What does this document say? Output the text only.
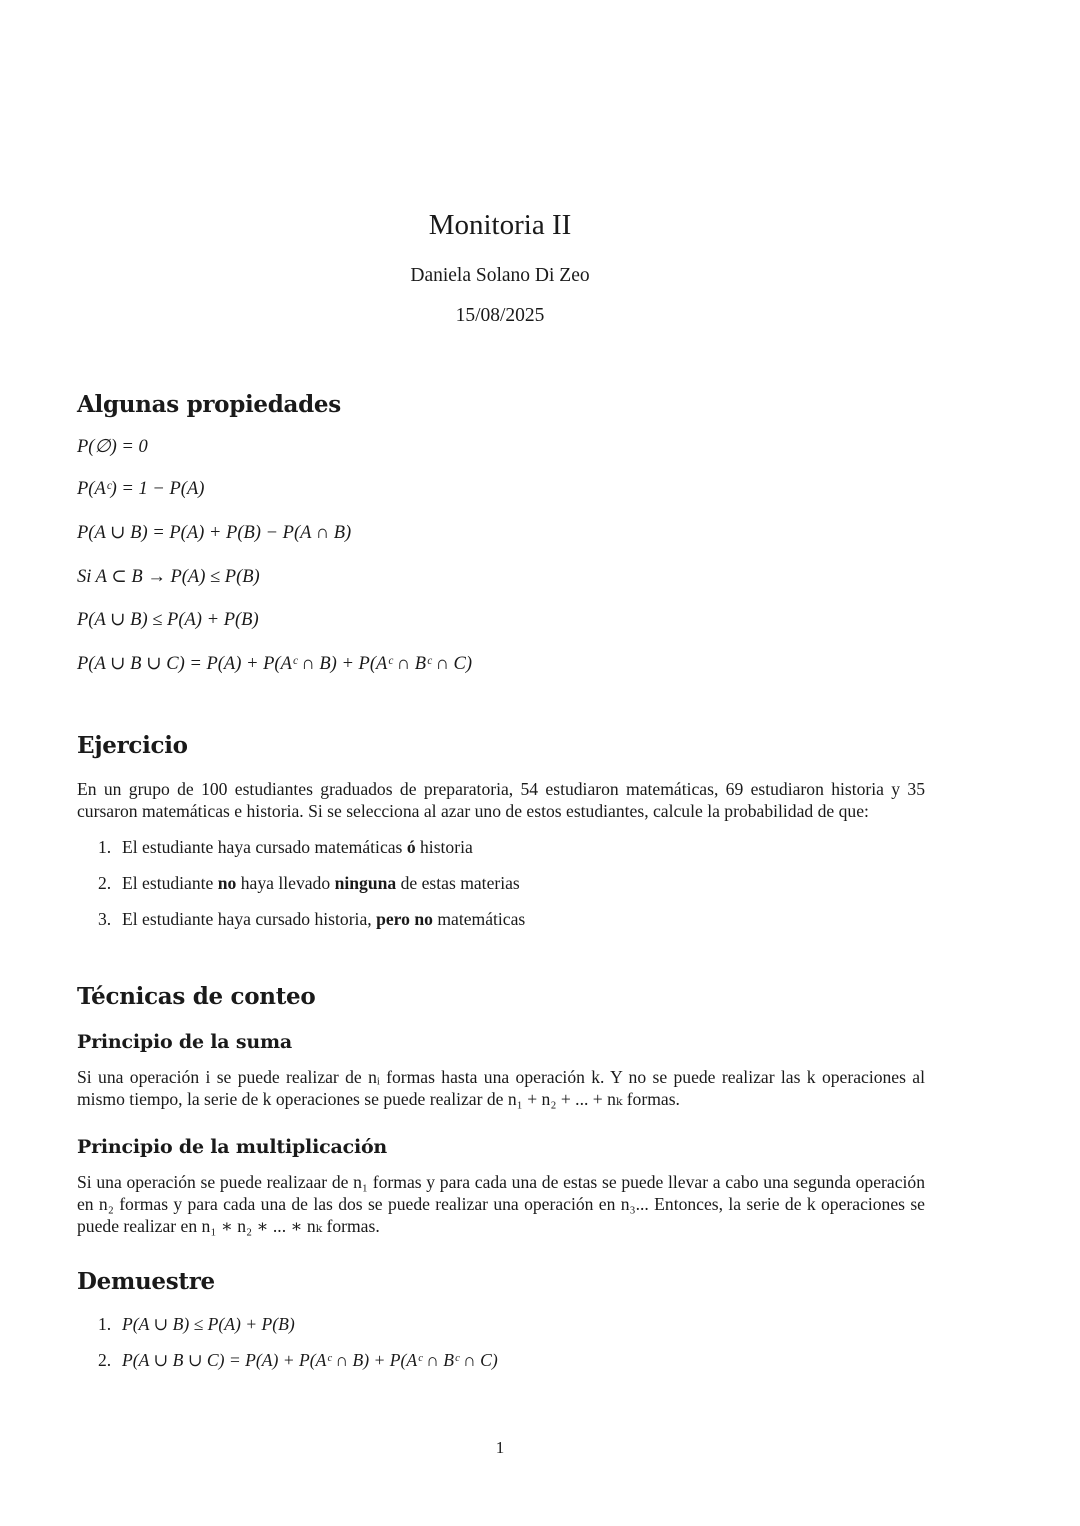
Monitoria II
Daniela Solano Di Zeo
15/08/2025
Algunas propiedades
P(∅) = 0
P(Aᶜ) = 1 − P(A)
P(A ∪ B) = P(A) + P(B) − P(A ∩ B)
Si A ⊂ B → P(A) ≤ P(B)
P(A ∪ B) ≤ P(A) + P(B)
P(A ∪ B ∪ C) = P(A) + P(Aᶜ ∩ B) + P(Aᶜ ∩ Bᶜ ∩ C)
Ejercicio

En un grupo de 100 estudiantes graduados de preparatoria, 54 estudiaron matemáticas, 69 estudiaron historia y 35 cursaron matemáticas e historia. Si se selecciona al azar uno de estos estudiantes, calcule la probabilidad de que:

1. El estudiante haya cursado matemáticas ó historia
2. El estudiante no haya llevado ninguna de estas materias
3. El estudiante haya cursado historia, pero no matemáticas
Técnicas de conteo
Principio de la suma

Si una operación i se puede realizar de nᵢ formas hasta una operación k. Y no se puede realizar las k operaciones al mismo tiempo, la serie de k operaciones se puede realizar de n₁ + n₂ + ... + nₖ formas.

Principio de la multiplicación

Si una operación se puede realizaar de n₁ formas y para cada una de estas se puede llevar a cabo una segunda operación en n₂ formas y para cada una de las dos se puede realizar una operación en n₃... Entonces, la serie de k operaciones se puede realizar en n₁ ∗ n₂ ∗ ... ∗ nₖ formas.

Demuestre
1. P(A ∪ B) ≤ P(A) + P(B)
2. P(A ∪ B ∪ C) = P(A) + P(Aᶜ ∩ B) + P(Aᶜ ∩ Bᶜ ∩ C)
1
